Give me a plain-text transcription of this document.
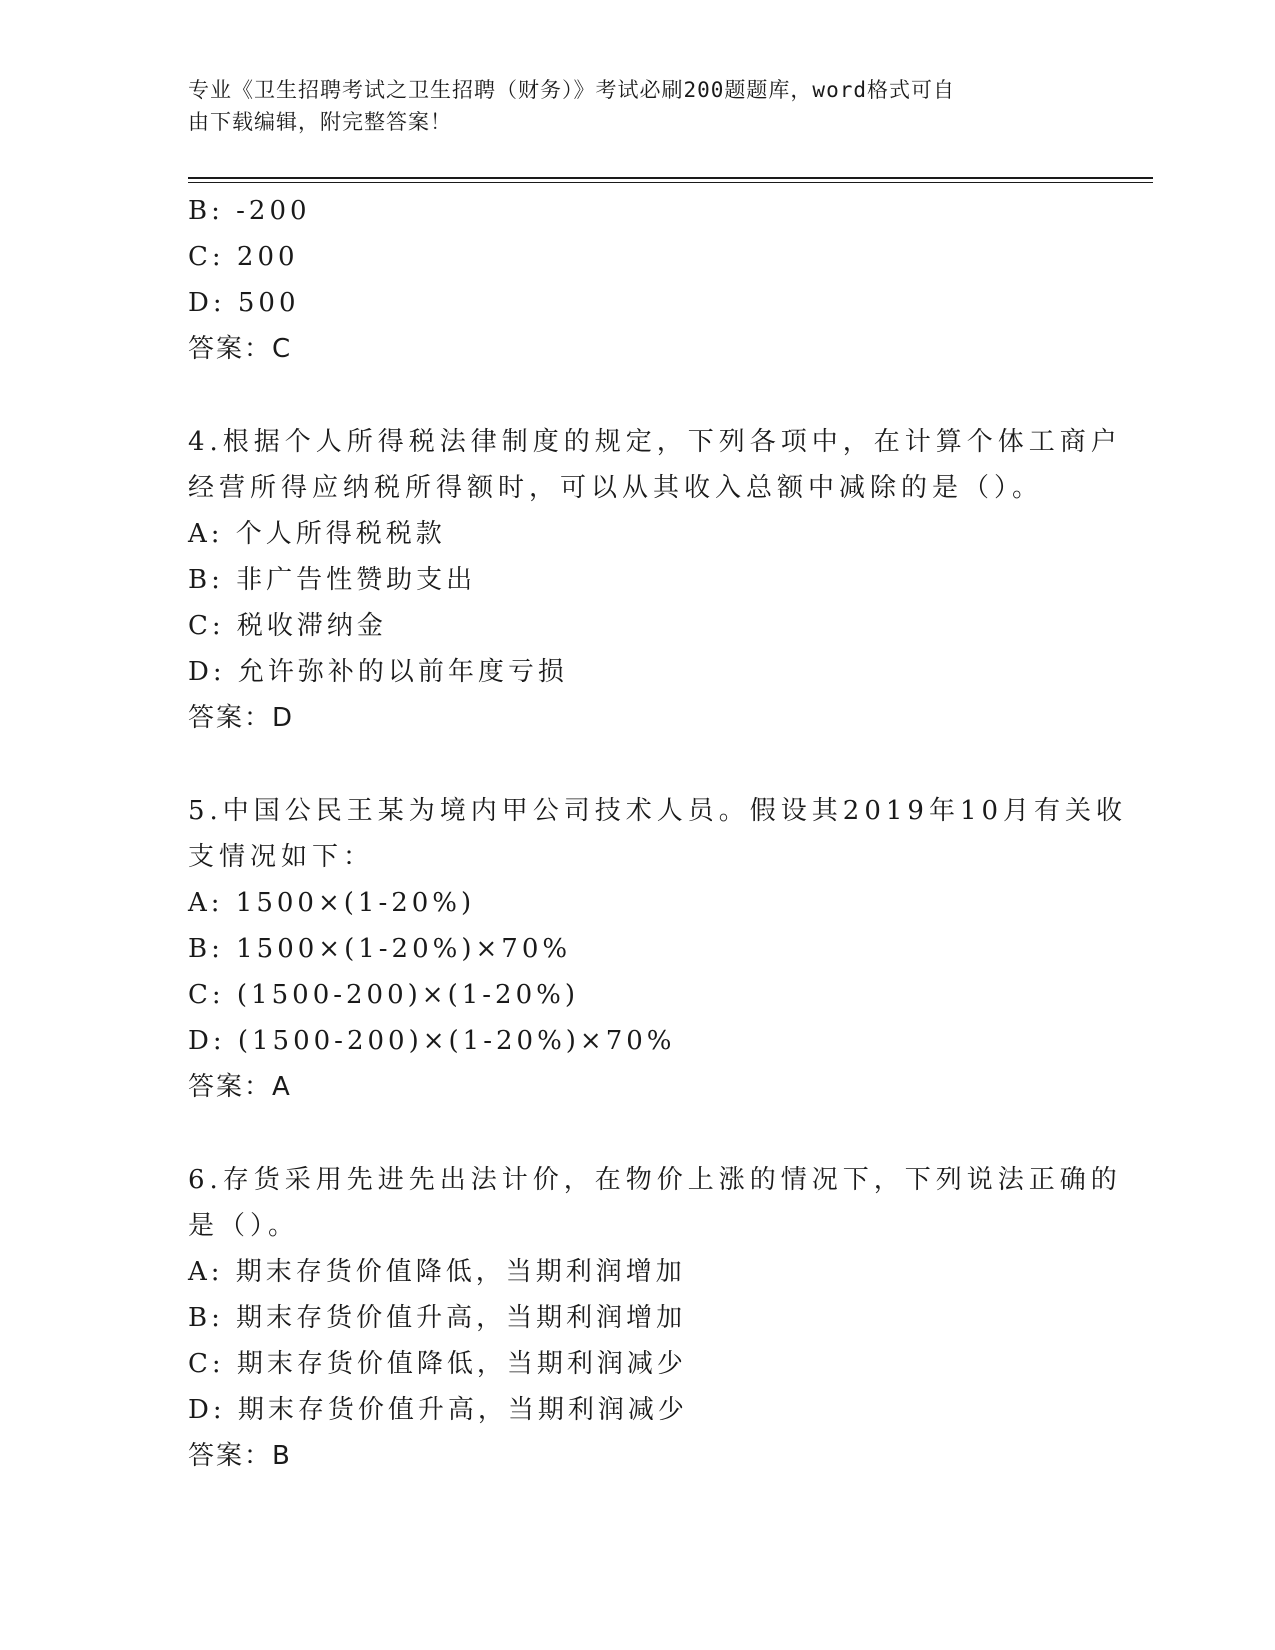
专业《卫生招聘考试之卫生招聘（财务）》考试必刷200题题库，word格式可自
由下载编辑，附完整答案！
B: -200
C: 200
D: 500
答案：C
4.根据个人所得税法律制度的规定，下列各项中，在计算个体工商户
经营所得应纳税所得额时，可以从其收入总额中减除的是（）。
A: 个人所得税税款
B: 非广告性赞助支出
C: 税收滞纳金
D: 允许弥补的以前年度亏损
答案：D
5.中国公民王某为境内甲公司技术人员。假设其2019年10月有关收
支情况如下：
A: 1500×(1-20%)
B: 1500×(1-20%)×70%
C: (1500-200)×(1-20%)
D: (1500-200)×(1-20%)×70%
答案：A
6.存货采用先进先出法计价，在物价上涨的情况下，下列说法正确的
是（）。
A: 期末存货价值降低，当期利润增加
B: 期末存货价值升高，当期利润增加
C: 期末存货价值降低，当期利润减少
D: 期末存货价值升高，当期利润减少
答案：B
